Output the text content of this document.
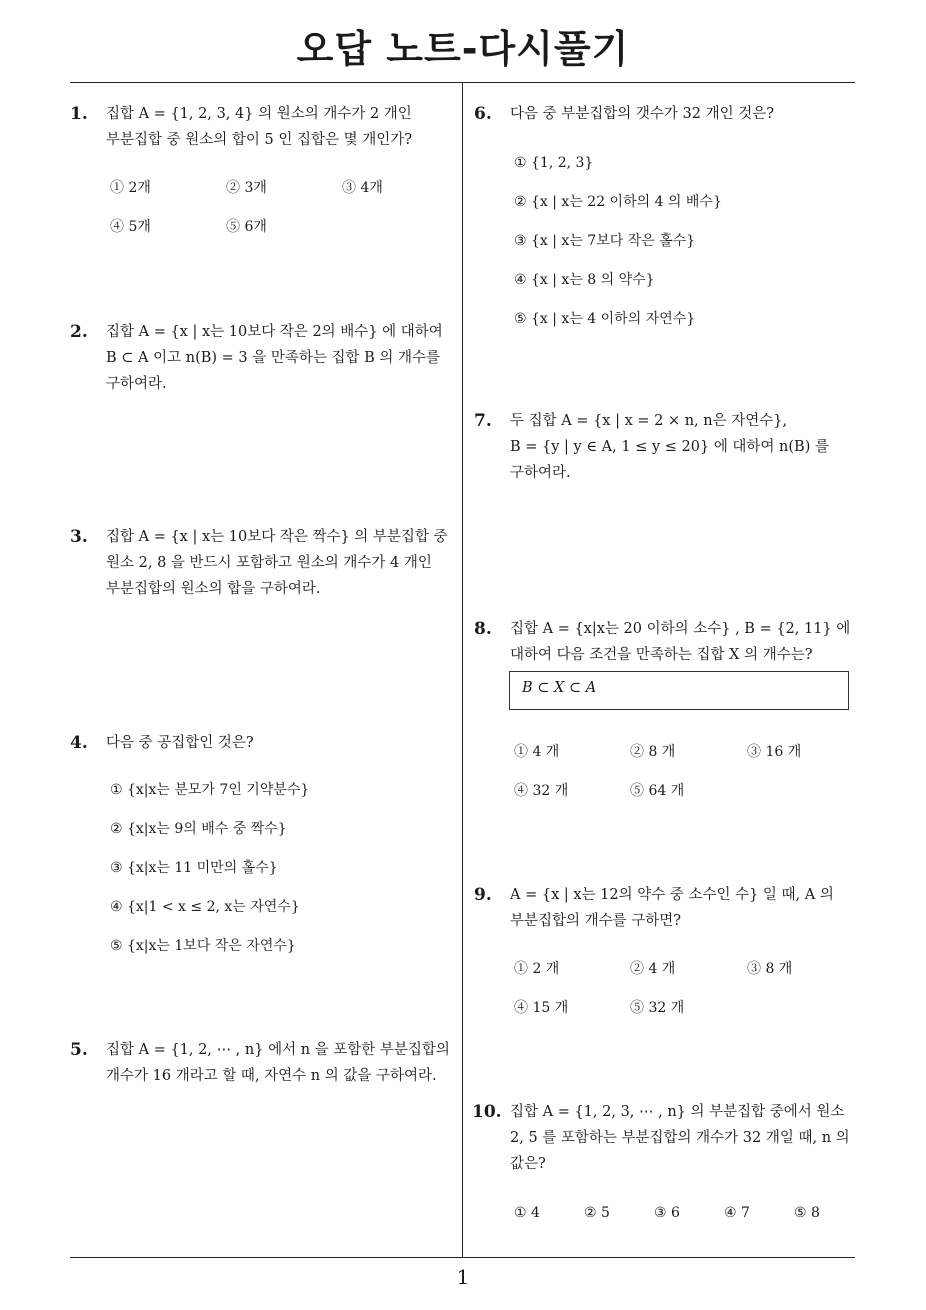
오답 노트-다시풀기
1
1.	집합 A = {1, 2, 3, 4} 의 원소의 개수가 2 개인
부분집합 중 원소의 합이 5 인 집합은 몇 개인가?
① 2개	② 3개	③ 4개
④ 5개	⑤ 6개
2.	집합 A = {x | x는 10보다 작은 2의 배수} 에 대하여
B ⊂ A 이고 n(B) = 3 을 만족하는 집합 B 의 개수를
구하여라.
3.	집합 A = {x | x는 10보다 작은 짝수} 의 부분집합 중
원소 2, 8 을 반드시 포함하고 원소의 개수가 4 개인
부분집합의 원소의 합을 구하여라.
4.	다음 중 공집합인 것은?
① {x|x는 분모가 7인 기약분수}
② {x|x는 9의 배수 중 짝수}
③ {x|x는 11 미만의 홀수}
④ {x|1 < x ≤ 2, x는 자연수}
⑤ {x|x는 1보다 작은 자연수}
5.	집합 A = {1, 2, ⋯ , n} 에서 n 을 포함한 부분집합의
개수가 16 개라고 할 때, 자연수 n 의 값을 구하여라.
6.	다음 중 부분집합의 갯수가 32 개인 것은?
① {1, 2, 3}
② {x | x는 22 이하의 4 의 배수}
③ {x | x는 7보다 작은 홀수}
④ {x | x는 8 의 약수}
⑤ {x | x는 4 이하의 자연수}
7.	두 집합 A = {x | x = 2 × n, n은 자연수},
B = {y | y ∈ A, 1 ≤ y ≤ 20} 에 대하여 n(B) 를
구하여라.
8.	집합 A = {x|x는 20 이하의 소수} , B = {2, 11} 에
대하여 다음 조건을 만족하는 집합 X 의 개수는?
B ⊂ X ⊂ A
① 4 개	② 8 개	③ 16 개
④ 32 개	⑤ 64 개
9.	A = {x | x는 12의 약수 중 소수인 수} 일 때, A 의
부분집합의 개수를 구하면?
① 2 개	② 4 개	③ 8 개
④ 15 개	⑤ 32 개
10. 집합 A = {1, 2, 3, ⋯ , n} 의 부분집합 중에서 원소
2, 5 를 포함하는 부분집합의 개수가 32 개일 때, n 의
값은?
① 4	② 5	③ 6	④ 7	⑤ 8
